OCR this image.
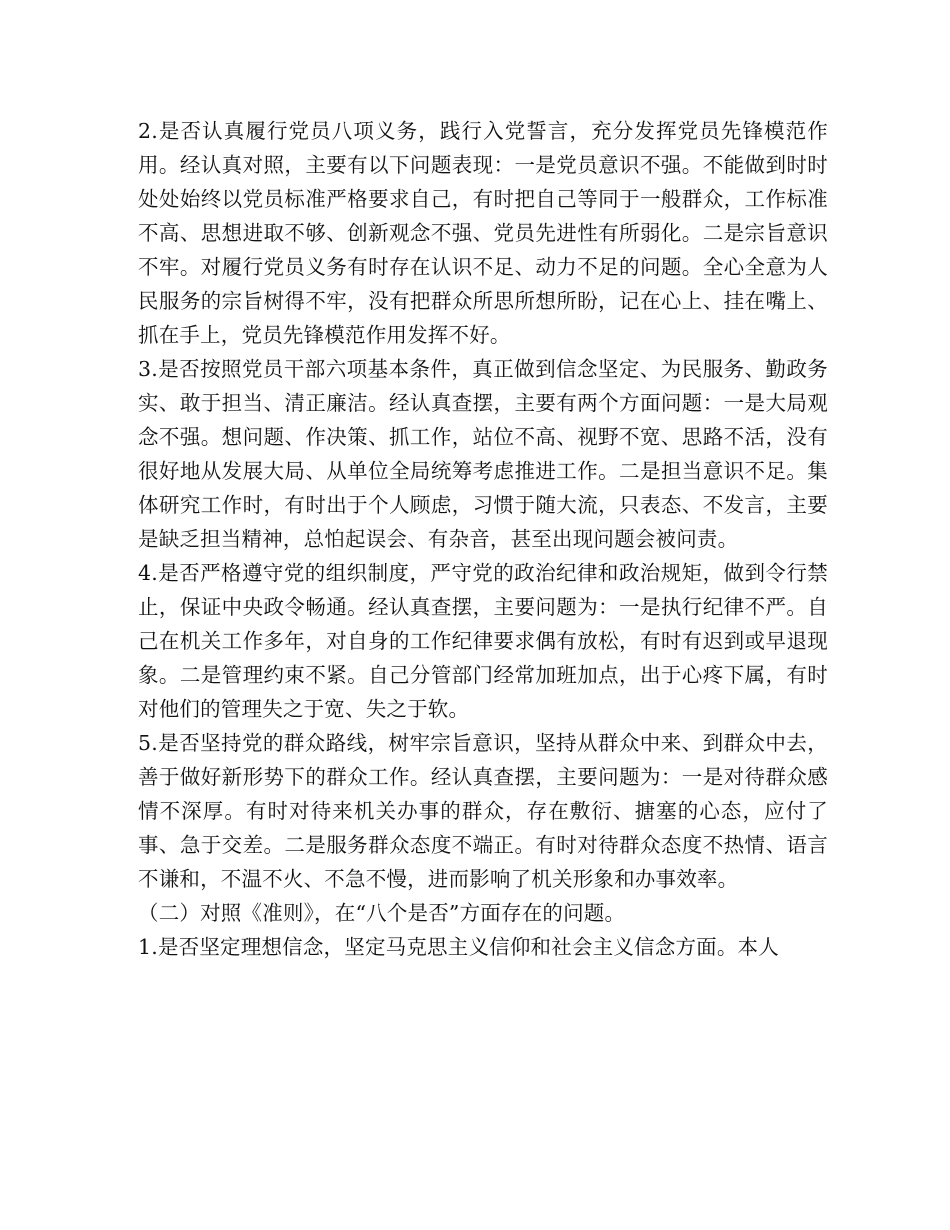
2.是否认真履行党员八项义务，践行入党誓言，充分发挥党员先锋模范作用。经认真对照，主要有以下问题表现：一是党员意识不强。不能做到时时处处始终以党员标准严格要求自己，有时把自己等同于一般群众，工作标准不高、思想进取不够、创新观念不强、党员先进性有所弱化。二是宗旨意识不牢。对履行党员义务有时存在认识不足、动力不足的问题。全心全意为人民服务的宗旨树得不牢，没有把群众所思所想所盼，记在心上、挂在嘴上、抓在手上，党员先锋模范作用发挥不好。

3.是否按照党员干部六项基本条件，真正做到信念坚定、为民服务、勤政务实、敢于担当、清正廉洁。经认真查摆，主要有两个方面问题：一是大局观念不强。想问题、作决策、抓工作，站位不高、视野不宽、思路不活，没有很好地从发展大局、从单位全局统筹考虑推进工作。二是担当意识不足。集体研究工作时，有时出于个人顾虑，习惯于随大流，只表态、不发言，主要是缺乏担当精神，总怕起误会、有杂音，甚至出现问题会被问责。

4.是否严格遵守党的组织制度，严守党的政治纪律和政治规矩，做到令行禁止，保证中央政令畅通。经认真查摆，主要问题为：一是执行纪律不严。自己在机关工作多年，对自身的工作纪律要求偶有放松，有时有迟到或早退现象。二是管理约束不紧。自己分管部门经常加班加点，出于心疼下属，有时对他们的管理失之于宽、失之于软。

5.是否坚持党的群众路线，树牢宗旨意识，坚持从群众中来、到群众中去，善于做好新形势下的群众工作。经认真查摆，主要问题为：一是对待群众感情不深厚。有时对待来机关办事的群众，存在敷衍、搪塞的心态，应付了事、急于交差。二是服务群众态度不端正。有时对待群众态度不热情、语言不谦和，不温不火、不急不慢，进而影响了机关形象和办事效率。

（二）对照《准则》，在“八个是否”方面存在的问题。

1.是否坚定理想信念，坚定马克思主义信仰和社会主义信念方面。本人
